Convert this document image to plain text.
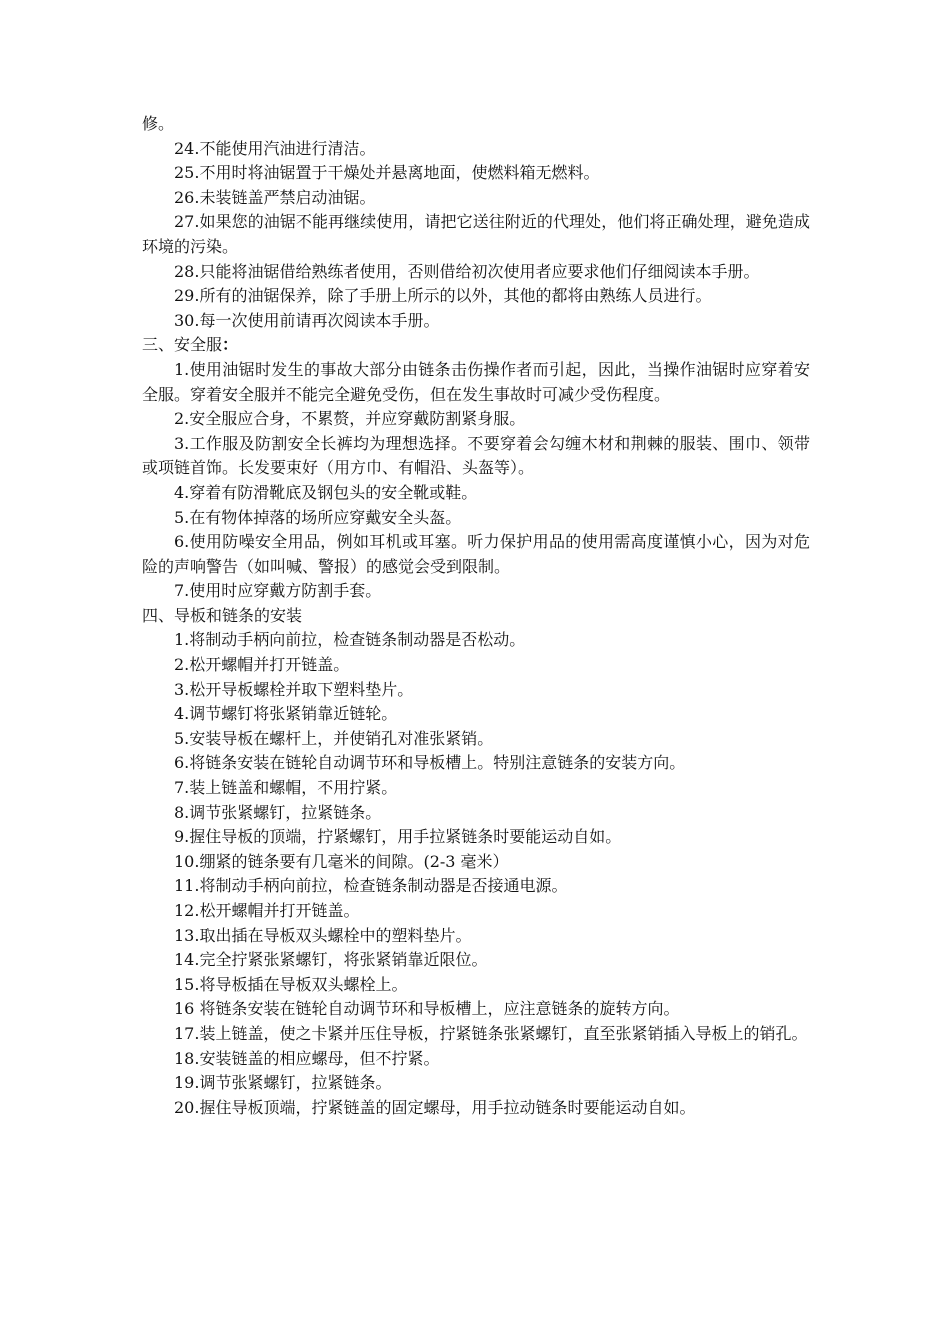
修。

24.不能使用汽油进行清洁。

25.不用时将油锯置于干燥处并悬离地面，使燃料箱无燃料。

26.未装链盖严禁启动油锯。

27.如果您的油锯不能再继续使用，请把它送往附近的代理处，他们将正确处理，避免造成环境的污染。

28.只能将油锯借给熟练者使用，否则借给初次使用者应要求他们仔细阅读本手册。

29.所有的油锯保养，除了手册上所示的以外，其他的都将由熟练人员进行。

30.每一次使用前请再次阅读本手册。

三、安全服：

1.使用油锯时发生的事故大部分由链条击伤操作者而引起，因此，当操作油锯时应穿着安全服。穿着安全服并不能完全避免受伤，但在发生事故时可减少受伤程度。

2.安全服应合身，不累赘，并应穿戴防割紧身服。

3.工作服及防割安全长裤均为理想选择。不要穿着会勾缠木材和荆棘的服装、围巾、领带或项链首饰。长发要束好（用方巾、有帽沿、头盔等）。

4.穿着有防滑靴底及钢包头的安全靴或鞋。

5.在有物体掉落的场所应穿戴安全头盔。

6.使用防噪安全用品，例如耳机或耳塞。听力保护用品的使用需高度谨慎小心，因为对危险的声响警告（如叫喊、警报）的感觉会受到限制。

7.使用时应穿戴方防割手套。

四、导板和链条的安装

1.将制动手柄向前拉，检查链条制动器是否松动。

2.松开螺帽并打开链盖。

3.松开导板螺栓并取下塑料垫片。

4.调节螺钉将张紧销靠近链轮。

5.安装导板在螺杆上，并使销孔对准张紧销。

6.将链条安装在链轮自动调节环和导板槽上。特别注意链条的安装方向。

7.装上链盖和螺帽，不用拧紧。

8.调节张紧螺钉，拉紧链条。

9.握住导板的顶端，拧紧螺钉，用手拉紧链条时要能运动自如。

10.绷紧的链条要有几毫米的间隙。(2-3 毫米）

11.将制动手柄向前拉，检查链条制动器是否接通电源。

12.松开螺帽并打开链盖。

13.取出插在导板双头螺栓中的塑料垫片。

14.完全拧紧张紧螺钉，将张紧销靠近限位。

15.将导板插在导板双头螺栓上。

16 将链条安装在链轮自动调节环和导板槽上，应注意链条的旋转方向。

17.装上链盖，使之卡紧并压住导板，拧紧链条张紧螺钉，直至张紧销插入导板上的销孔。

18.安装链盖的相应螺母，但不拧紧。

19.调节张紧螺钉，拉紧链条。

20.握住导板顶端，拧紧链盖的固定螺母，用手拉动链条时要能运动自如。
